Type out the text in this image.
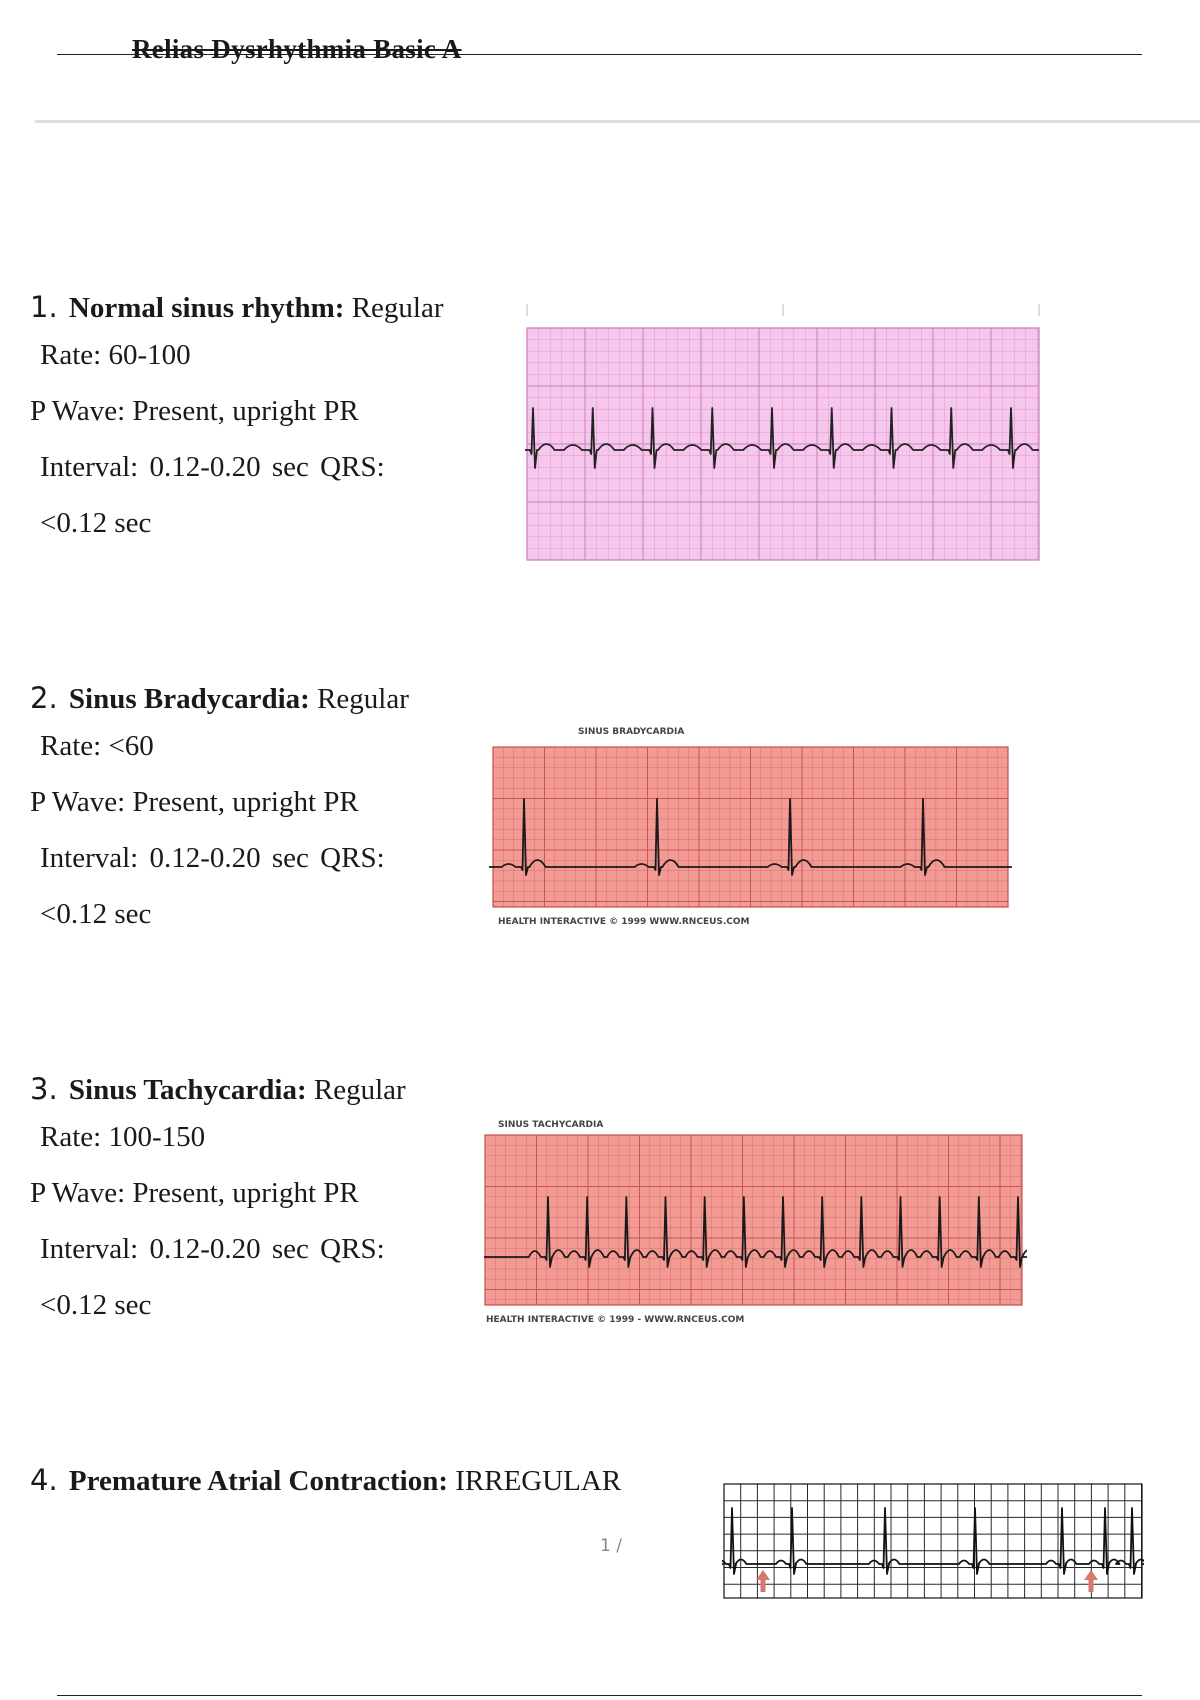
Relias Dysrhythmia Basic A
1. Normal sinus rhythm: Regular
Rate: 60-100
P Wave: Present, upright PR
Interval: 0.12-0.20 sec QRS:
<0.12 sec
2. Sinus Bradycardia: Regular
Rate: <60
P Wave: Present, upright PR
Interval: 0.12-0.20 sec QRS:
<0.12 sec
SINUS BRADYCARDIA
HEALTH INTERACTIVE © 1999 WWW.RNCEUS.COM
3. Sinus Tachycardia: Regular
Rate: 100-150
P Wave: Present, upright PR
Interval: 0.12-0.20 sec QRS:
<0.12 sec
SINUS TACHYCARDIA
HEALTH INTERACTIVE © 1999 - WWW.RNCEUS.COM
4. Premature Atrial Contraction: IRREGULAR
1 /
